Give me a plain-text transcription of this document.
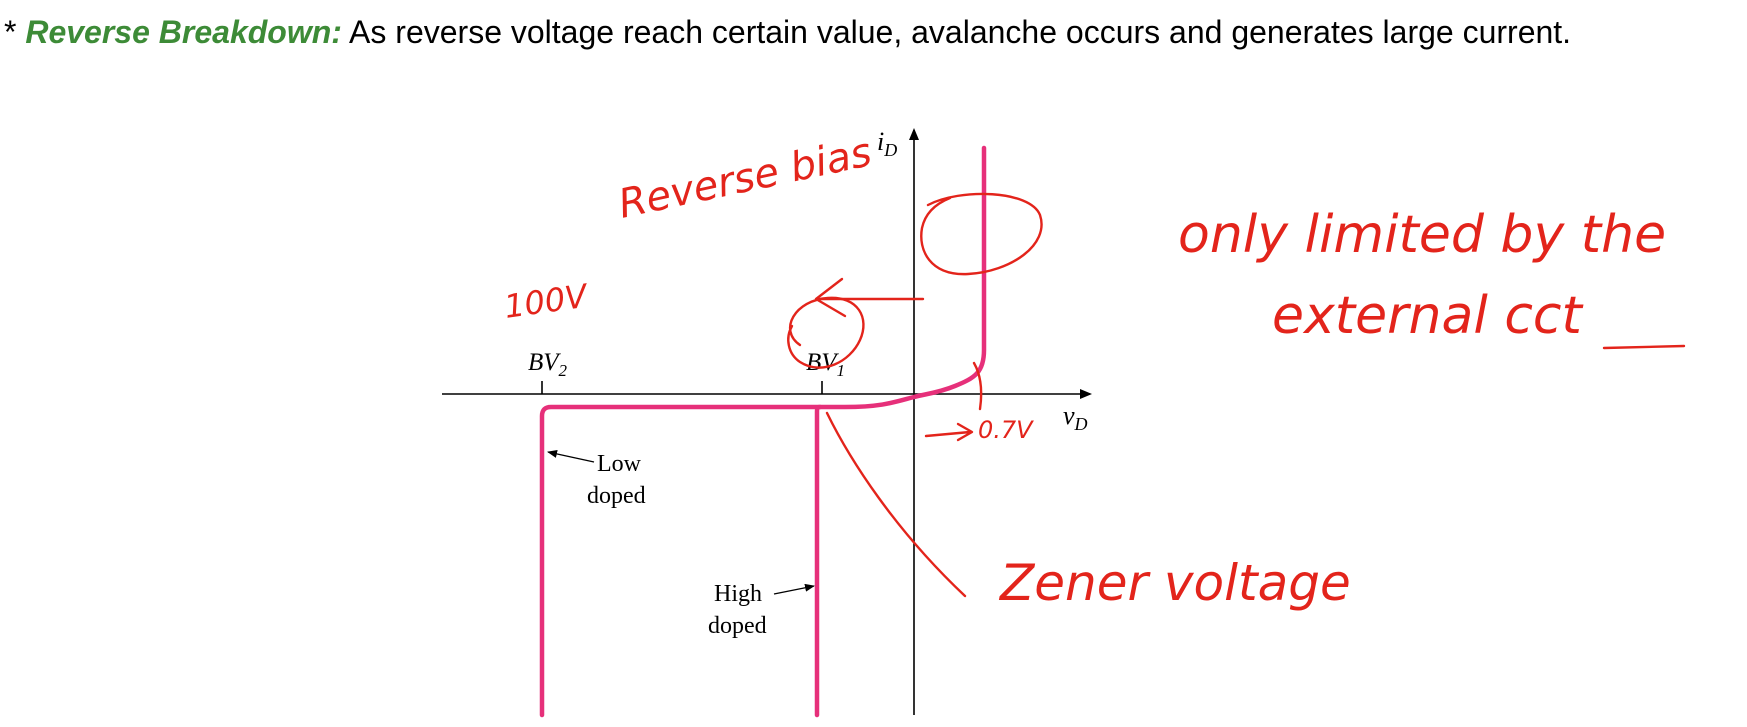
* Reverse Breakdown: As reverse voltage reach certain value, avalanche occurs and generates large current.
$i_D$
$v_D$
$BV_2$	$BV_1$
Low
doped
High
doped
Reverse bias
100V
0.7V
only limited by the
external cct
Zener voltage
